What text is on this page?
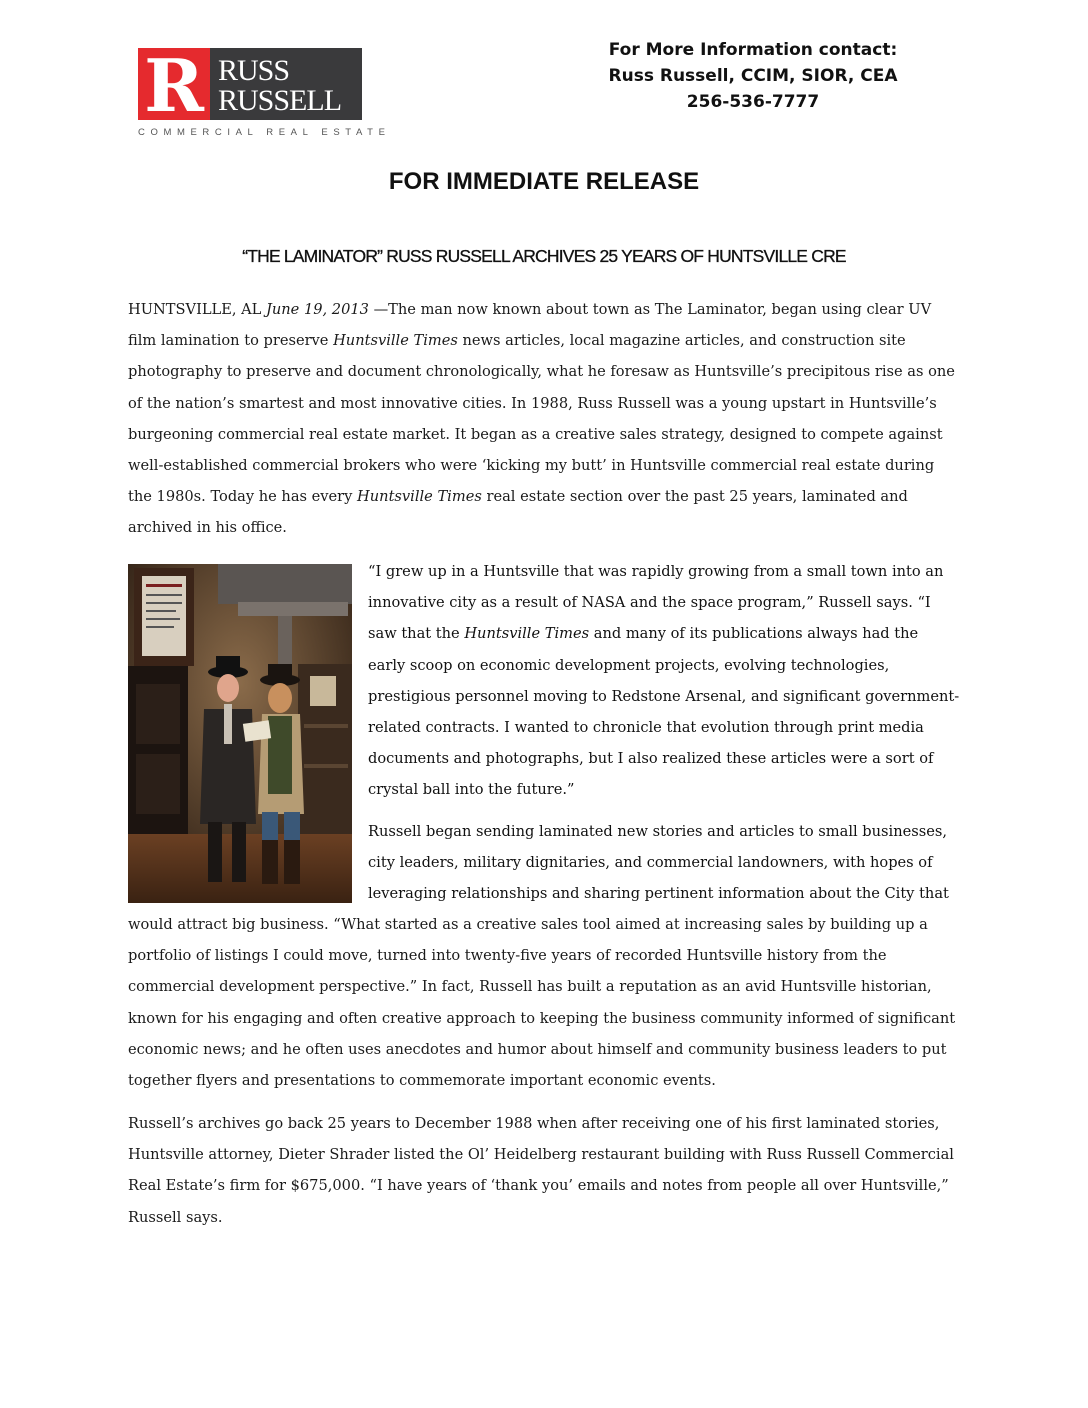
R RUSS
RUSSELL
COMMERCIAL REAL ESTATE
For More Information contact:
Russ Russell, CCIM, SIOR, CEA
256-536-7777
FOR IMMEDIATE RELEASE
“THE LAMINATOR” RUSS RUSSELL ARCHIVES 25 YEARS OF HUNTSVILLE CRE

HUNTSVILLE, AL June 19, 2013 —The man now known about town as The Laminator, began using clear UV film lamination to preserve Huntsville Times news articles, local magazine articles, and construction site photography to preserve and document chronologically, what he foresaw as Huntsville’s precipitous rise as one of the nation’s smartest and most innovative cities. In 1988, Russ Russell was a young upstart in Huntsville’s burgeoning commercial real estate market. It began as a creative sales strategy, designed to compete against well-established commercial brokers who were ‘kicking my butt’ in Huntsville commercial real estate during the 1980s. Today he has every Huntsville Times real estate section over the past 25 years, laminated and archived in his office.

“I grew up in a Huntsville that was rapidly growing from a small town into an innovative city as a result of NASA and the space program,” Russell says. “I saw that the Huntsville Times and many of its publications always had the early scoop on economic development projects, evolving technologies, prestigious personnel moving to Redstone Arsenal, and significant government-related contracts. I wanted to chronicle that evolution through print media documents and photographs, but I also realized these articles were a sort of crystal ball into the future.”
Russell began sending laminated new stories and articles to small businesses, city leaders, military dignitaries, and commercial landowners, with hopes of leveraging relationships and sharing pertinent information about the City that

would attract big business. “What started as a creative sales tool aimed at increasing sales by building up a portfolio of listings I could move, turned into twenty-five years of recorded Huntsville history from the commercial development perspective.” In fact, Russell has built a reputation as an avid Huntsville historian, known for his engaging and often creative approach to keeping the business community informed of significant economic news; and he often uses anecdotes and humor about himself and community business leaders to put together flyers and presentations to commemorate important economic events.

Russell’s archives go back 25 years to December 1988 when after receiving one of his first laminated stories, Huntsville attorney, Dieter Shrader listed the Ol’ Heidelberg restaurant building with Russ Russell Commercial Real Estate’s firm for $675,000. “I have years of ‘thank you’ emails and notes from people all over Huntsville,” Russell says.
